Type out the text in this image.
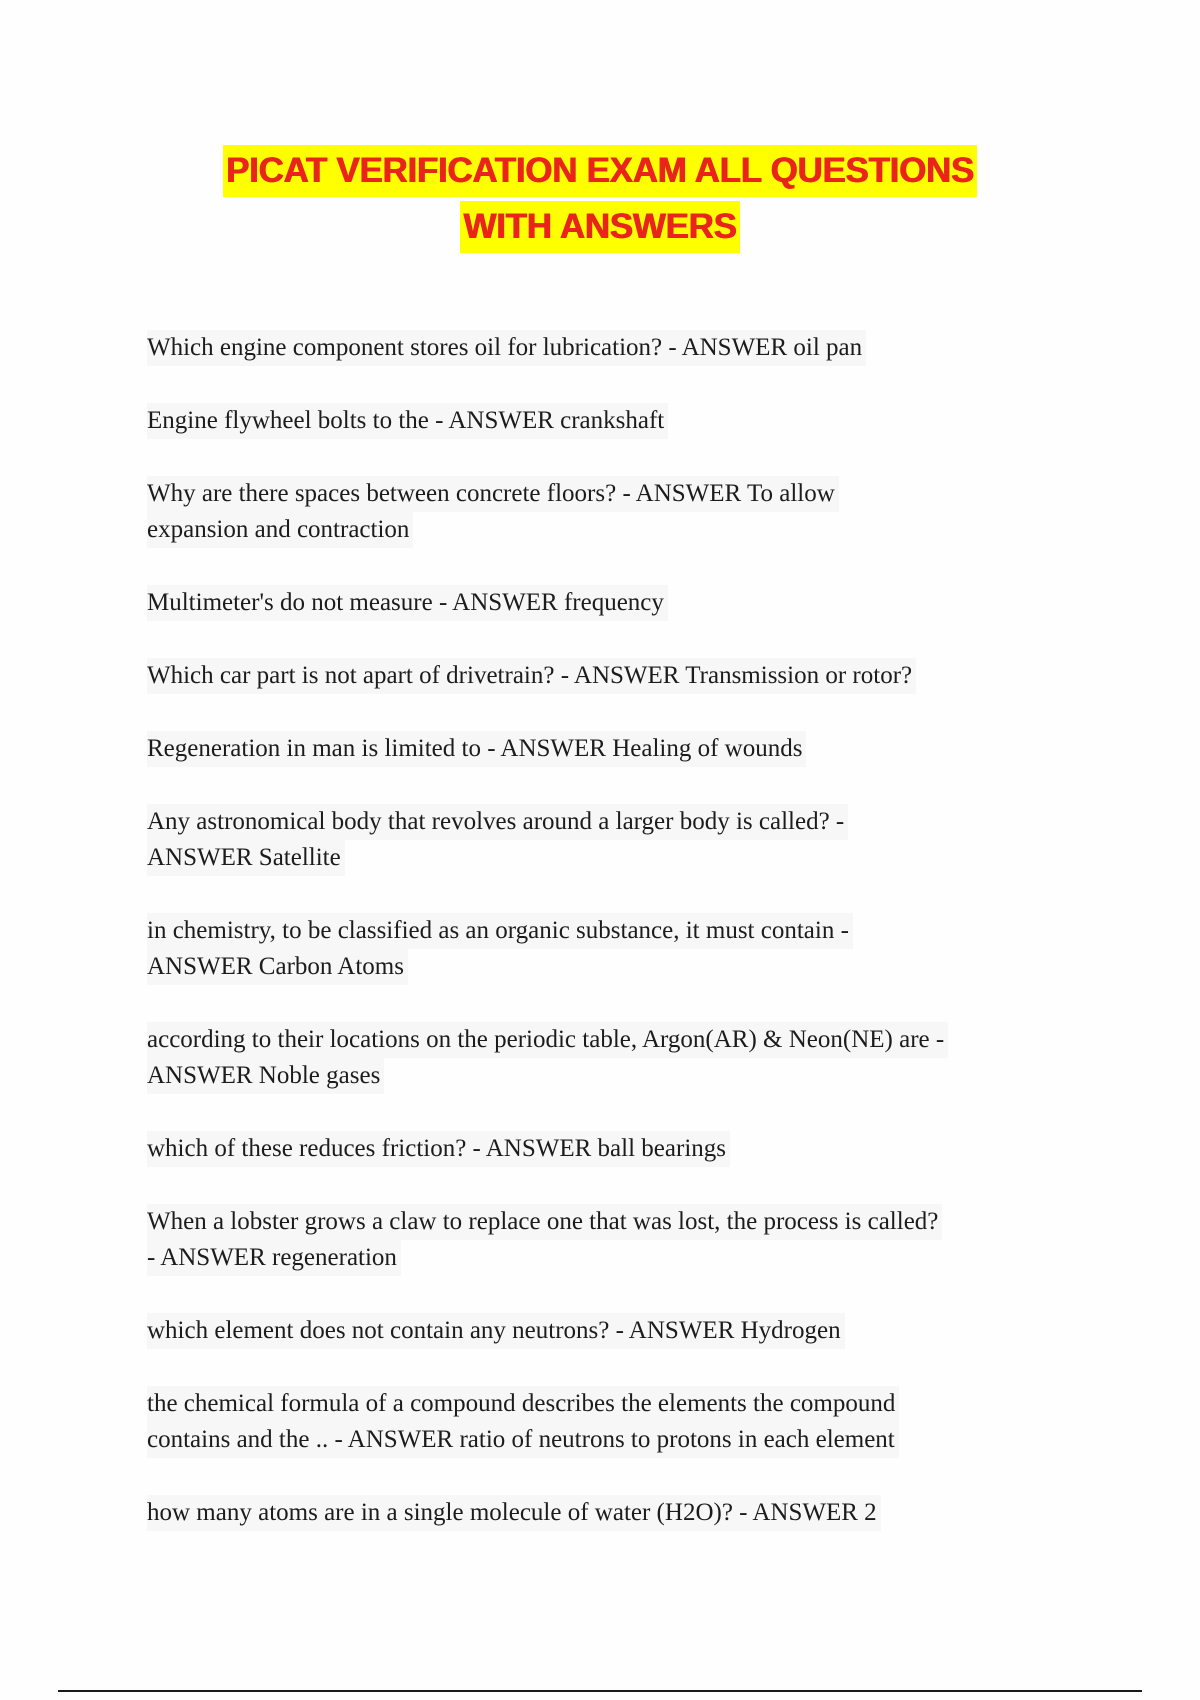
PICAT VERIFICATION EXAM ALL QUESTIONS
WITH ANSWERS
Which engine component stores oil for lubrication? - ANSWER oil pan
Engine flywheel bolts to the - ANSWER crankshaft
Why are there spaces between concrete floors? - ANSWER To allow
expansion and contraction
Multimeter's do not measure - ANSWER frequency
Which car part is not apart of drivetrain? - ANSWER Transmission or rotor?
Regeneration in man is limited to - ANSWER Healing of wounds
Any astronomical body that revolves around a larger body is called? -
ANSWER Satellite
in chemistry, to be classified as an organic substance, it must contain -
ANSWER Carbon Atoms
according to their locations on the periodic table, Argon(AR) & Neon(NE) are -
ANSWER Noble gases
which of these reduces friction? - ANSWER ball bearings
When a lobster grows a claw to replace one that was lost, the process is called?
- ANSWER regeneration
which element does not contain any neutrons? - ANSWER Hydrogen
the chemical formula of a compound describes the elements the compound
contains and the .. - ANSWER ratio of neutrons to protons in each element
how many atoms are in a single molecule of water (H2O)? - ANSWER 2
